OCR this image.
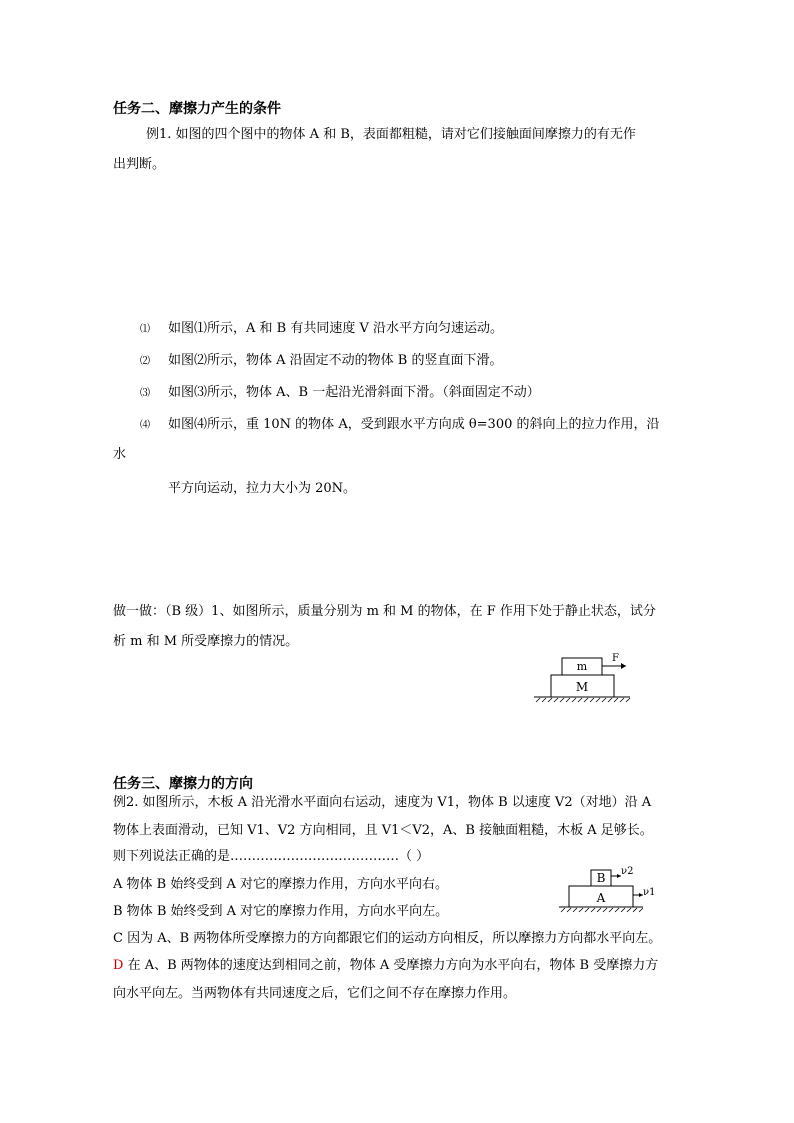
任务二、摩擦力产生的条件
例1. 如图的四个图中的物体 A 和 B，表面都粗糙，请对它们接触面间摩擦力的有无作
出判断。
⑴ 如图⑴所示，A 和 B 有共同速度 V 沿水平方向匀速运动。
⑵ 如图⑵所示，物体 A 沿固定不动的物体 B 的竖直面下滑。
⑶ 如图⑶所示，物体 A、B 一起沿光滑斜面下滑。（斜面固定不动）
⑷ 如图⑷所示，重 10N 的物体 A，受到跟水平方向成 θ=300 的斜向上的拉力作用，沿
水
平方向运动，拉力大小为 20N。
做一做：（B 级）1、如图所示，质量分别为 m 和 M 的物体，在 F 作用下处于静止状态，试分
析 m 和 M 所受摩擦力的情况。
m
M
F
任务三、摩擦力的方向
例2. 如图所示，木板 A 沿光滑水平面向右运动，速度为 V1，物体 B 以速度 V2（对地）沿 A
物体上表面滑动，已知 V1、V2 方向相同，且 V1＜V2，A、B 接触面粗糙，木板 A 足够长。
则下列说法正确的是…………………………………（ ）
A 物体 B 始终受到 A 对它的摩擦力作用，方向水平向右。
B 物体 B 始终受到 A 对它的摩擦力作用，方向水平向左。
C 因为 A、B 两物体所受摩擦力的方向都跟它们的运动方向相反，所以摩擦力方向都水平向左。
D 在 A、B 两物体的速度达到相同之前，物体 A 受摩擦力方向为水平向右，物体 B 受摩擦力方
向水平向左。当两物体有共同速度之后，它们之间不存在摩擦力作用。
B
A
ν2
ν1
